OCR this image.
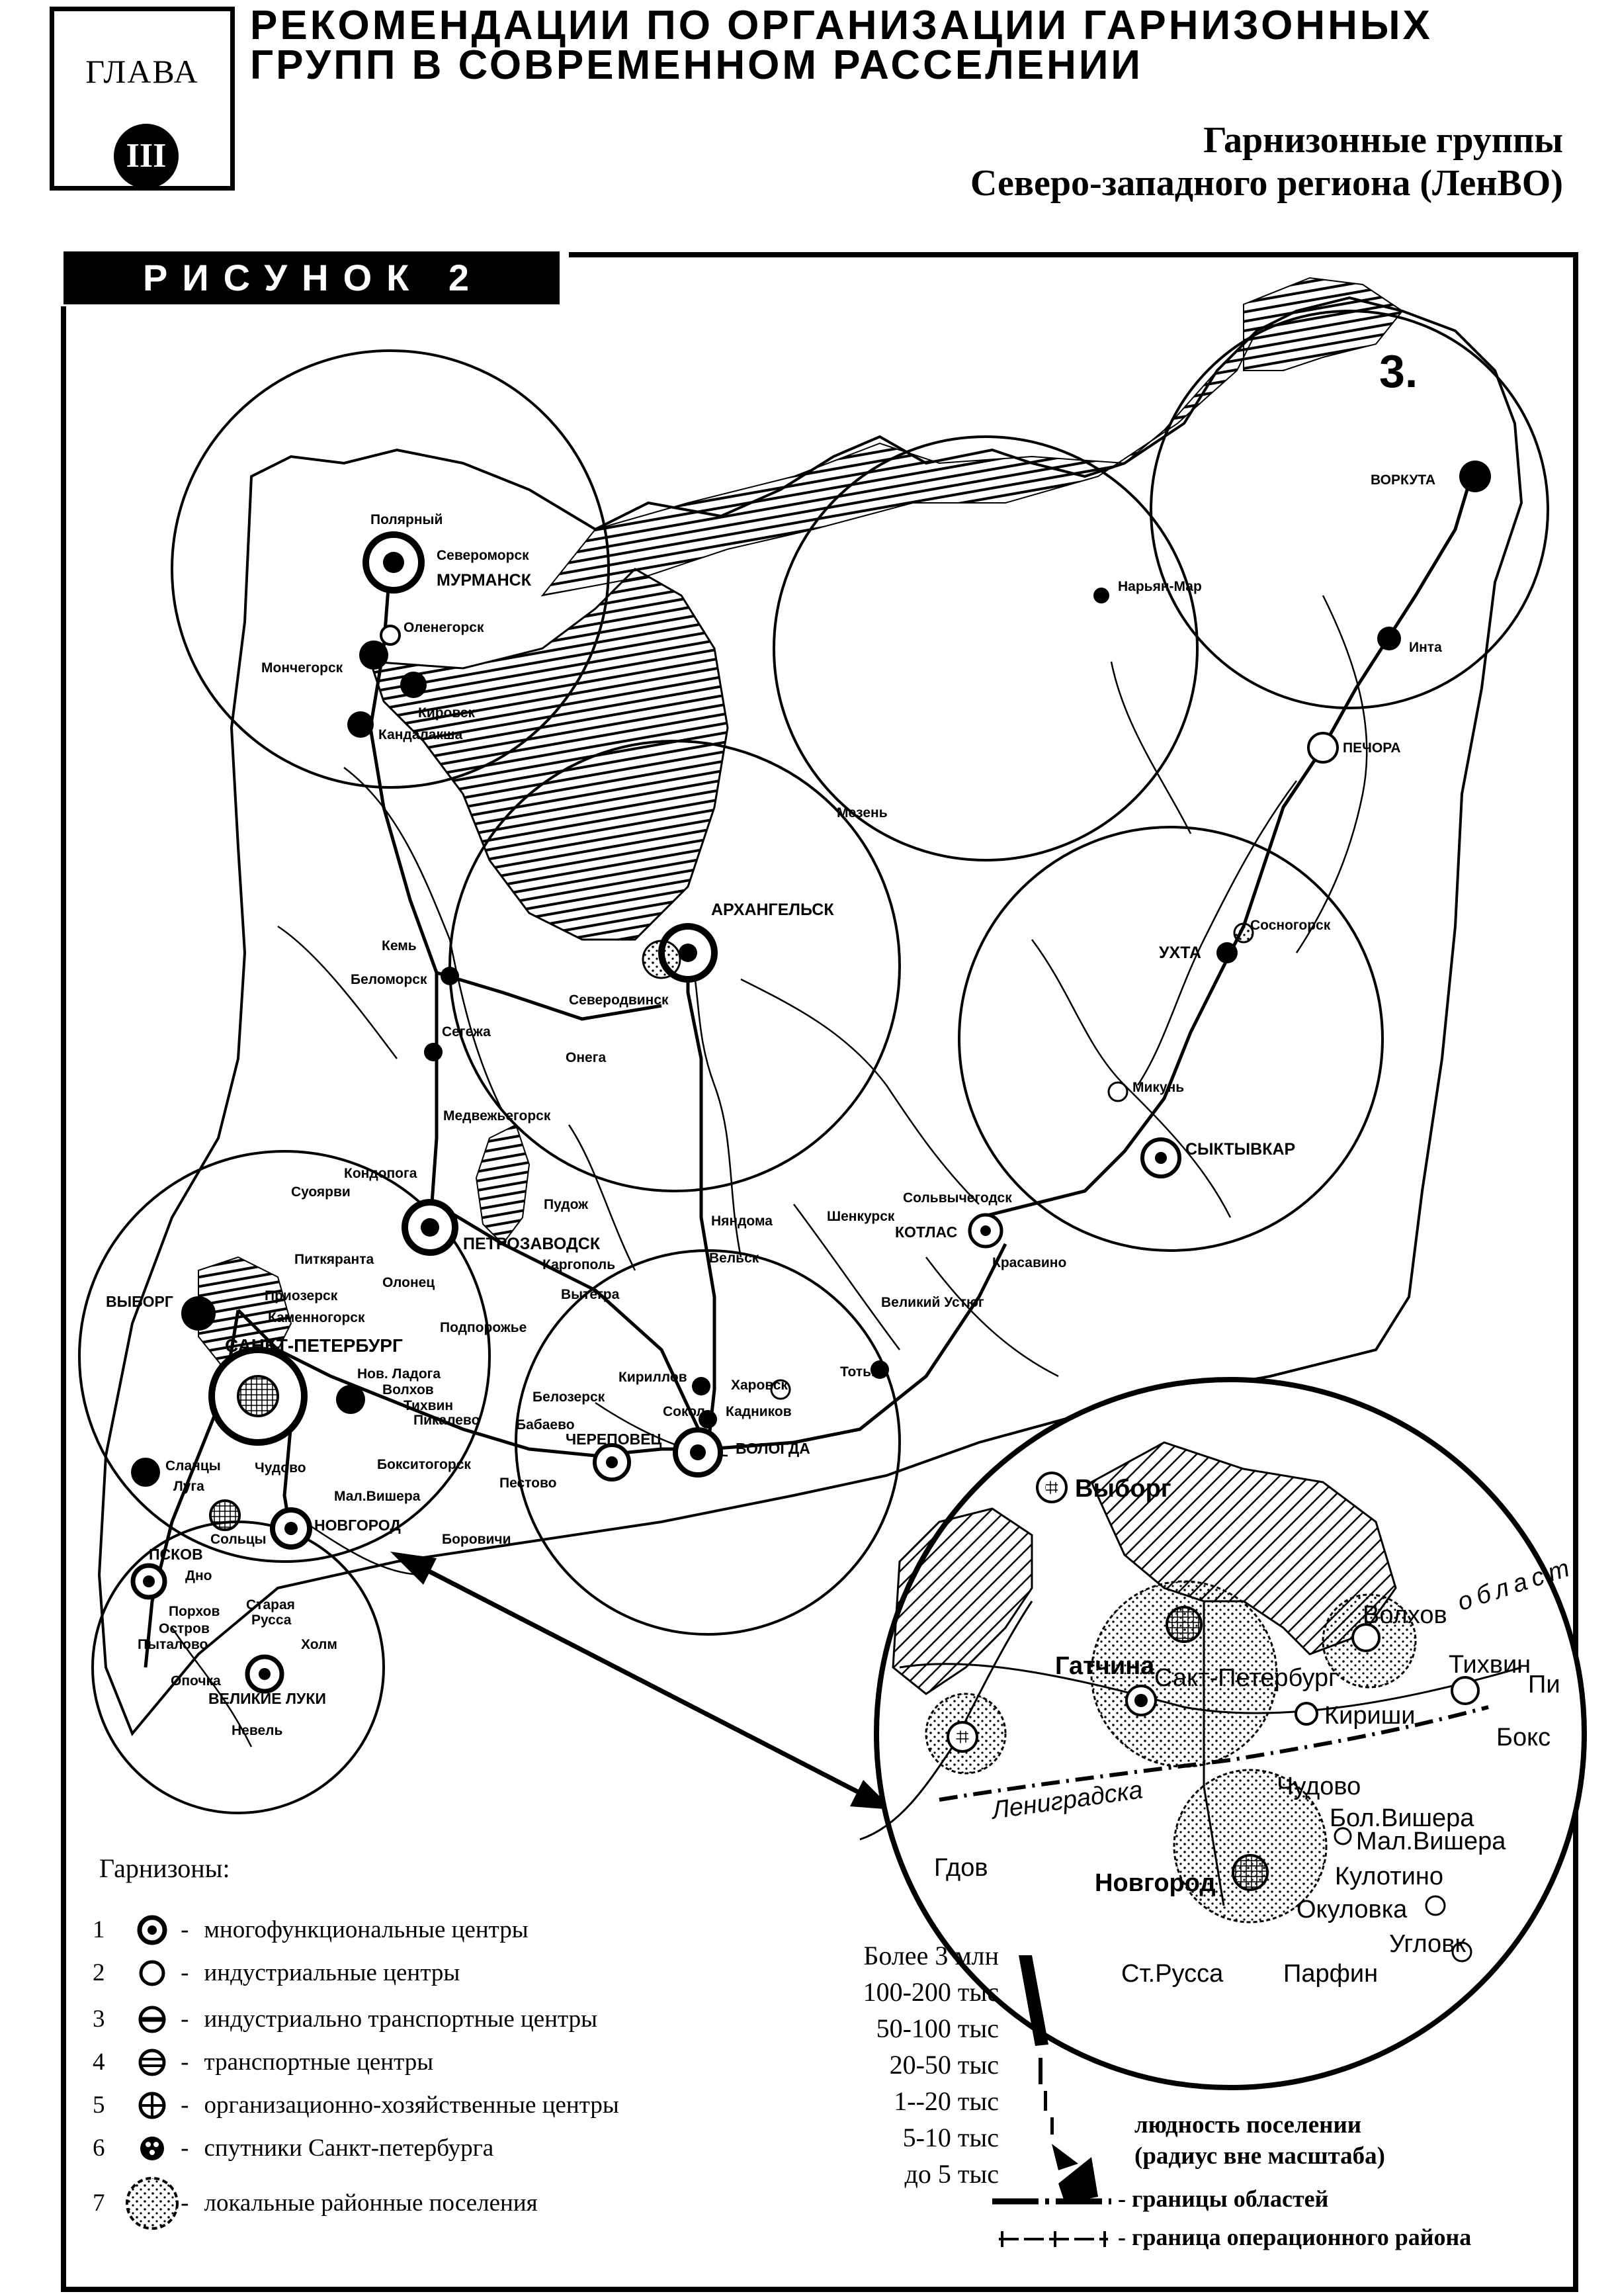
ГЛАВА
III
РЕКОМЕНДАЦИИ ПО ОРГАНИЗАЦИИ ГАРНИЗОННЫХ
ГРУПП В СОВРЕМЕННОМ РАССЕЛЕНИИ
Гарнизонные группы
Северо-западного региона (ЛенВО)
РИСУНОК 2
ВОРКУТА
Инта
Нарьян-Мар
ПЕЧОРА
Полярный
Североморск
МУРМАНСК
Оленегорск
Мончегорск
Кировск
Кандалакша
Мезень
АРХАНГЕЛЬСК
Северодвинск
Онега
Кемь
Беломорск
Сегежа
Медвежьегорск
УХТА
Сосногорск
Микунь
СЫКТЫВКАР
Кондопога
Суоярви
Пудож
ПЕТРОЗАВОДСК
Шенкурск
Сольвычегодск
КОТЛАС
Няндома
Питкяранта	Каргополь	Вельск	Красавино
ВЫБОРГ	Приозерск
Олонец
Вытегра
Великий Устюг
Каменногорск
САНКТ-ПЕТЕРБУРГ
Подпорожье
Нов. Ладога
Волхов
Тихвин
Пикалево
Кириллов
Харовск
Тотьма
Белозерск
Сокол Кадников
Бабаево
ЧЕРЕПОВЕЦ
ВОЛОГДА
Сланцы Чудово	Бокситогорск
Луга	Пестово
Мал.Вишера
Сольцы
НОВГОРОД
Боровичи
ПСКОВ
Дно
Порхов
Остров
Пыталово
Старая
Русса
Холм
Опочка
ВЕЛИКИЕ ЛУКИ
Невель
3.
Выборг
Волхов
Тихвин
Пи
Гатчина Сакт-Петербург
Кириши
Бокс
Чудово
Лениградска	Бол.Вишера
Мал.Вишера
Гдов
Новгород	Кулотино
Окуловка
Угловк
Ст.Русса Парфин
област
Гарнизоны:
1	- многофункциональные центры
2	- индустриальные центры
3	- индустриально транспортные центры
4	- транспортные центры
5	- организационно-хозяйственные центры
6	- спутники Санкт-петербурга
7	- локальные районные поселения
Более 3 млн
100-200 тыс
50-100 тыс
20-50 тыс
1--20 тыс
5-10 тыс
до 5 тыс
людность поселении
(радиус вне масштаба)
- границы областей
- граница операционного района
